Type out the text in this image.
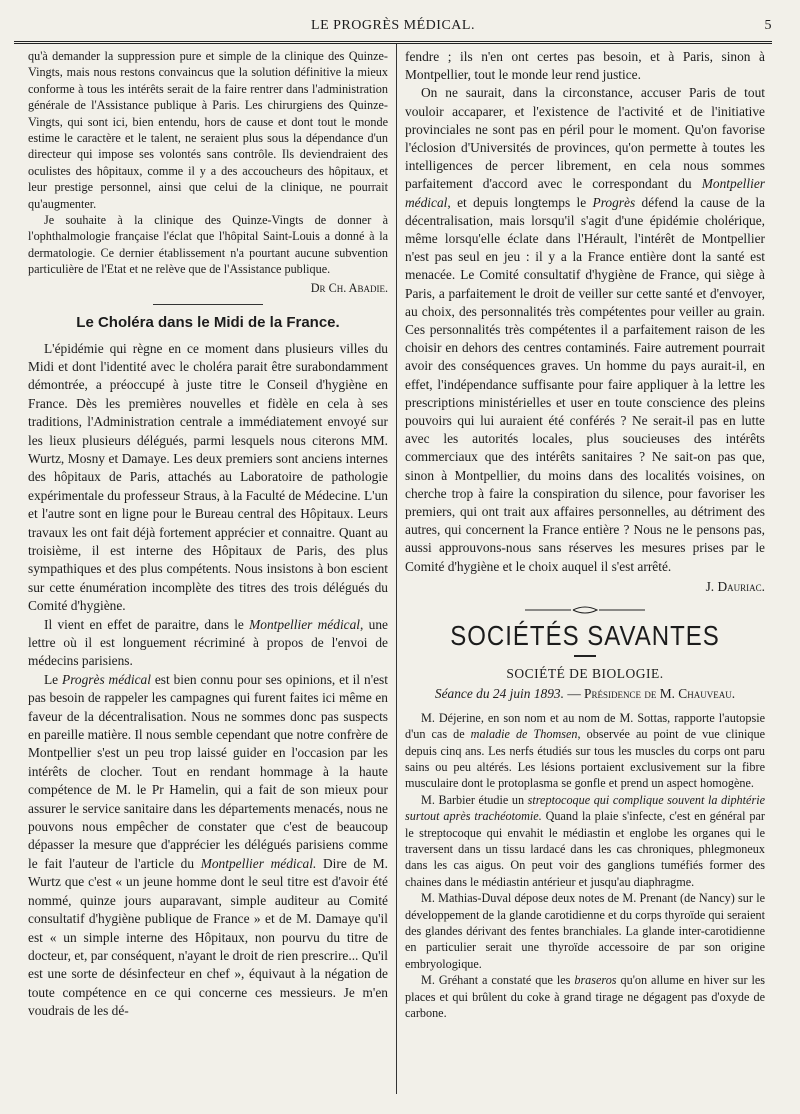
LE PROGRÈS MÉDICAL.	5

qu'à demander la suppression pure et simple de la clinique des Quinze-Vingts, mais nous restons convaincus que la solution définitive la mieux conforme à tous les intérêts serait de la faire rentrer dans l'administration générale de l'Assistance publique à Paris. Les chirurgiens des Quinze-Vingts, qui sont ici, bien entendu, hors de cause et dont tout le monde estime le caractère et le talent, ne seraient plus sous la dépendance d'un directeur qui impose ses volontés sans contrôle. Ils deviendraient des oculistes des hôpitaux, comme il y a des accoucheurs des hôpitaux, et leur prestige personnel, ainsi que celui de la clinique, ne pourrait qu'augmenter.

Je souhaite à la clinique des Quinze-Vingts de donner à l'ophthalmologie française l'éclat que l'hôpital Saint-Louis a donné à la dermatologie. Ce dernier établissement n'a pourtant aucune subvention particulière de l'Etat et ne relève que de l'Assistance publique.

Dr Ch. Abadie.
Le Choléra dans le Midi de la France.

L'épidémie qui règne en ce moment dans plusieurs villes du Midi et dont l'identité avec le choléra parait être surabondamment démontrée, a préoccupé à juste titre le Conseil d'hygiène en France. Dès les premières nouvelles et fidèle en cela à ses traditions, l'Administration centrale a immédiatement envoyé sur les lieux plusieurs délégués, parmi lesquels nous citerons MM. Wurtz, Mosny et Damaye. Les deux premiers sont anciens internes des hôpitaux de Paris, attachés au Laboratoire de pathologie expérimentale du professeur Straus, à la Faculté de Médecine. L'un et l'autre sont en ligne pour le Bureau central des Hôpitaux. Leurs travaux les ont fait déjà fortement apprécier et connaitre. Quant au troisième, il est interne des Hôpitaux de Paris, des plus sympathiques et des plus compétents. Nous insistons à bon escient sur cette énumération incomplète des titres des trois délégués du Comité d'hygiène.

Il vient en effet de paraitre, dans le Montpellier médical, une lettre où il est longuement récriminé à propos de l'envoi de médecins parisiens.

Le Progrès médical est bien connu pour ses opinions, et il n'est pas besoin de rappeler les campagnes qui furent faites ici même en faveur de la décentralisation. Nous ne sommes donc pas suspects en pareille matière. Il nous semble cependant que notre confrère de Montpellier s'est un peu trop laissé guider en l'occasion par les intérêts de clocher. Tout en rendant hommage à la haute compétence de M. le Pr Hamelin, qui a fait de son mieux pour assurer le service sanitaire dans les départements menacés, nous ne pouvons nous empêcher de constater que c'est de beaucoup dépasser la mesure que d'apprécier les délégués parisiens comme le fait l'auteur de l'article du Montpellier médical. Dire de M. Wurtz que c'est « un jeune homme dont le seul titre est d'avoir été nommé, quinze jours auparavant, simple auditeur au Comité consultatif d'hygiène publique de France » et de M. Damaye qu'il est « un simple interne des Hôpitaux, non pourvu du titre de docteur, et, par conséquent, n'ayant le droit de rien prescrire... Qu'il est une sorte de désinfecteur en chef », équivaut à la négation de toute compétence en ce qui concerne ces messieurs. Je m'en voudrais de les dé-

fendre ; ils n'en ont certes pas besoin, et à Paris, sinon à Montpellier, tout le monde leur rend justice.

On ne saurait, dans la circonstance, accuser Paris de tout vouloir accaparer, et l'existence de l'activité et de l'initiative provinciales ne sont pas en péril pour le moment. Qu'on favorise l'éclosion d'Universités de provinces, qu'on permette à toutes les intelligences de percer librement, en cela nous sommes parfaitement d'accord avec le correspondant du Montpellier médical, et depuis longtemps le Progrès défend la cause de la décentralisation, mais lorsqu'il s'agit d'une épidémie cholérique, même lorsqu'elle éclate dans l'Hérault, l'intérêt de Montpellier n'est pas seul en jeu : il y a la France entière dont la santé est menacée. Le Comité consultatif d'hygiène de France, qui siège à Paris, a parfaitement le droit de veiller sur cette santé et d'envoyer, au choix, des personnalités très compétentes pour veiller au grain. Ces personnalités très compétentes il a parfaitement raison de les choisir en dehors des centres contaminés. Faire autrement pourrait avoir des conséquences graves. Un homme du pays aurait-il, en effet, l'indépendance suffisante pour faire appliquer à la lettre les prescriptions ministérielles et user en toute conscience des pleins pouvoirs qui lui auraient été conférés ? Ne serait-il pas en lutte avec les autorités locales, plus soucieuses des intérêts commerciaux que des intérêts sanitaires ? Ne sait-on pas que, sinon à Montpellier, du moins dans des localités voisines, on cherche trop à faire la conspiration du silence, pour favoriser les premiers, qui ont trait aux affaires personnelles, au détriment des autres, qui concernent la France entière ? Nous ne le pensons pas, aussi approuvons-nous sans réserves les mesures prises par le Comité d'hygiène et le choix auquel il s'est arrêté.

J. Dauriac.
SOCIÉTÉS SAVANTES
SOCIÉTÉ DE BIOLOGIE.
Séance du 24 juin 1893. — Présidence de M. Chauveau.

M. Déjerine, en son nom et au nom de M. Sottas, rapporte l'autopsie d'un cas de maladie de Thomsen, observée au point de vue clinique depuis cinq ans. Les nerfs étudiés sur tous les muscles du corps ont paru sains ou peu altérés. Les lésions portaient exclusivement sur la fibre musculaire dont le protoplasma se gonfle et prend un aspect homogène.

M. Barbier étudie un streptocoque qui complique souvent la diphtérie surtout après trachéotomie. Quand la plaie s'infecte, c'est en général par le streptocoque qui envahit le médiastin et englobe les organes qui le traversent dans un tissu lardacé dans les cas chroniques, phlegmoneux dans les cas aigus. On peut voir des ganglions tuméfiés former des chaines dans le médiastin antérieur et jusqu'au diaphragme.

M. Mathias-Duval dépose deux notes de M. Prenant (de Nancy) sur le développement de la glande carotidienne et du corps thyroïde qui seraient des glandes dérivant des fentes branchiales. La glande inter-carotidienne en particulier serait une thyroïde accessoire de par son origine embryologique.

M. Gréhant a constaté que les braseros qu'on allume en hiver sur les places et qui brûlent du coke à grand tirage ne dégagent pas d'oxyde de carbone.
